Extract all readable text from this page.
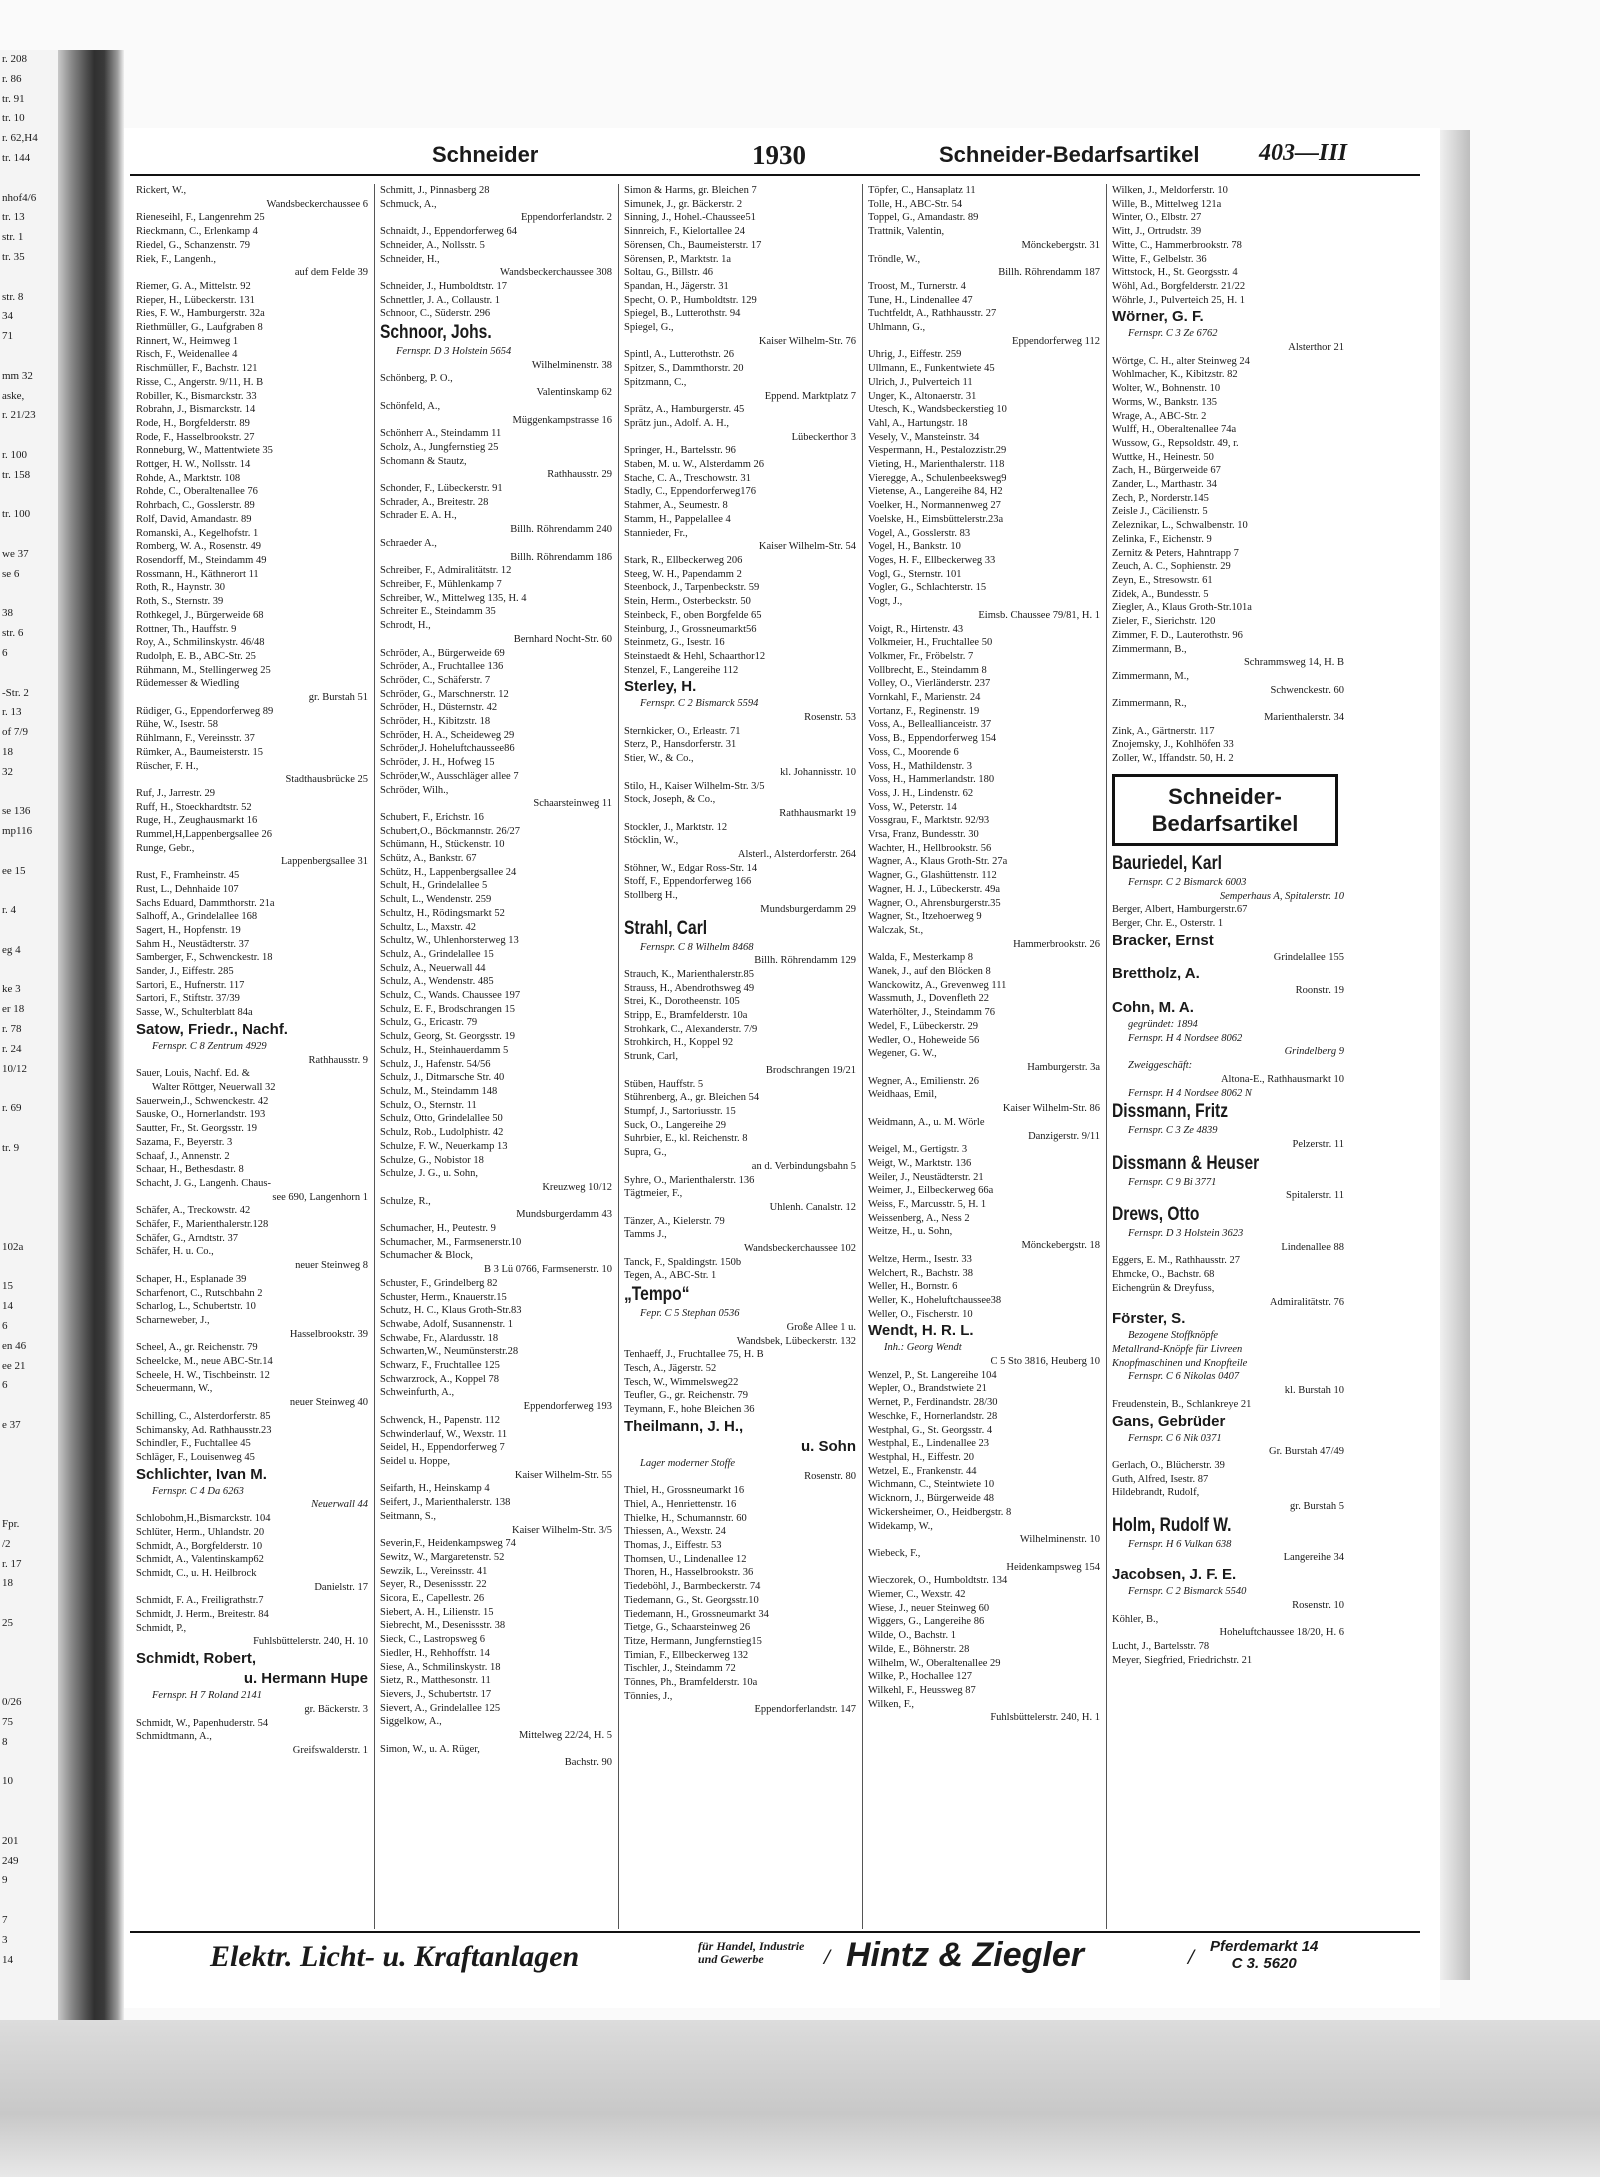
r. 208
r. 86
tr. 91
tr. 10
r. 62,H4
tr. 144

nhof4/6
tr. 13
str. 1
tr. 35

str. 8
34
71

mm 32
aske,
r. 21/23

r. 100
tr. 158

tr. 100

we 37
se 6

38
str. 6
6

-Str. 2
r. 13
of 7/9
18
32

se 136
mp116

ee 15

r. 4

eg 4

ke 3
er 18
r. 78
r. 24
10/12

r. 69

tr. 9

102a

15
14
6
en 46
ee 21
6

e 37

Fpr.
/2
r. 17
18

25

0/26
75
8

10

201
249
9

7
3
14
Schneider	1930	Schneider-Bedarfsartikel 403—III
Rickert, W.,
Wandsbeckerchaussee 6
Rieneseihl, F., Langenrehm 25
Rieckmann, C., Erlenkamp 4
Riedel, G., Schanzenstr. 79
Riek, F., Langenh.,
auf dem Felde 39
Riemer, G. A., Mittelstr. 92
Rieper, H., Lübeckerstr. 131
Ries, F. W., Hamburgerstr. 32a
Riethmüller, G., Laufgraben 8
Rinnert, W., Heimweg 1
Risch, F., Weidenallee 4
Rischmüller, F., Bachstr. 121
Risse, C., Angerstr. 9/11, H. B
Robiller, K., Bismarckstr. 33
Robrahn, J., Bismarckstr. 14
Rode, H., Borgfelderstr. 89
Rode, F., Hasselbrookstr. 27
Ronneburg, W., Mattentwiete 35
Rottger, H. W., Nollsstr. 14
Rohde, A., Marktstr. 108
Rohde, C., Oberaltenallee 76
Rohrbach, C., Gosslerstr. 89
Rolf, David, Amandastr. 89
Romanski, A., Kegelhofstr. 1
Romberg, W. A., Rosenstr. 49
Rosendorff, M., Steindamm 49
Rossmann, H., Käthnerort 11
Roth, R., Haynstr. 30
Roth, S., Sternstr. 39
Rothkegel, J., Bürgerweide 68
Rottner, Th., Hauffstr. 9
Roy, A., Schmilinskystr. 46/48
Rudolph, E. B., ABC-Str. 25
Rühmann, M., Stellingerweg 25
Rüdemesser & Wiedling
gr. Burstah 51
Rüdiger, G., Eppendorferweg 89
Rühe, W., Isestr. 58
Rühlmann, F., Vereinsstr. 37
Rümker, A., Baumeisterstr. 15
Rüscher, F. H.,
Stadthausbrücke 25
Ruf, J., Jarrestr. 29
Ruff, H., Stoeckhardtstr. 52
Ruge, H., Zeughausmarkt 16
Rummel,H,Lappenbergsallee 26
Runge, Gebr.,
Lappenbergsallee 31
Rust, F., Framheinstr. 45
Rust, L., Dehnhaide 107
Sachs Eduard, Dammthorstr. 21a
Salhoff, A., Grindelallee 168
Sagert, H., Hopfenstr. 19
Sahm H., Neustädterstr. 37
Samberger, F., Schwenckestr. 18
Sander, J., Eiffestr. 285
Sartori, E., Hufnerstr. 117
Sartori, F., Stiftstr. 37/39
Sasse, W., Schulterblatt 84a
Satow, Friedr., Nachf.
Fernspr. C 8 Zentrum 4929
Rathhausstr. 9
Sauer, Louis, Nachf. Ed. &
Walter Röttger, Neuerwall 32
Sauerwein,J., Schwenckestr. 42
Sauske, O., Hornerlandstr. 193
Sautter, Fr., St. Georgsstr. 19
Sazama, F., Beyerstr. 3
Schaaf, J., Annenstr. 2
Schaar, H., Bethesdastr. 8
Schacht, J. G., Langenh. Chaus-
see 690, Langenhorn 1
Schäfer, A., Treckowstr. 42
Schäfer, F., Marienthalerstr.128
Schäfer, G., Arndtstr. 37
Schäfer, H. u. Co.,
neuer Steinweg 8
Schaper, H., Esplanade 39
Scharfenort, C., Rutschbahn 2
Scharlog, L., Schubertstr. 10
Scharneweber, J.,
Hasselbrookstr. 39
Scheel, A., gr. Reichenstr. 79
Scheelcke, M., neue ABC-Str.14
Scheele, H. W., Tischbeinstr. 12
Scheuermann, W.,
neuer Steinweg 40
Schilling, C., Alsterdorferstr. 85
Schimansky, Ad. Rathhausstr.23
Schindler, F., Fuchtallee 45
Schläger, F., Louisenweg 45
Schlichter, Ivan M.
Fernspr. C 4 Da 6263
Neuerwall 44
Schlobohm,H.,Bismarckstr. 104
Schlüter, Herm., Uhlandstr. 20
Schmidt, A., Borgfelderstr. 10
Schmidt, A., Valentinskamp62
Schmidt, C., u. H. Heilbrock
Danielstr. 17
Schmidt, F. A., Freiligrathstr.7
Schmidt, J. Herm., Breitestr. 84
Schmidt, P.,
Fuhlsbüttelerstr. 240, H. 10
Schmidt, Robert,
u. Hermann Hupe
Fernspr. H 7 Roland 2141
gr. Bäckerstr. 3
Schmidt, W., Papenhuderstr. 54
Schmidtmann, A.,
Greifswalderstr. 1
Schmitt, J., Pinnasberg 28
Schmuck, A.,
Eppendorferlandstr. 2
Schnaidt, J., Eppendorferweg 64
Schneider, A., Nollsstr. 5
Schneider, H.,
Wandsbeckerchaussee 308
Schneider, J., Humboldtstr. 17
Schnettler, J. A., Collaustr. 1
Schnoor, C., Süderstr. 296
Schnoor, Johs.
Fernspr. D 3 Holstein 5654
Wilhelminenstr. 38
Schönberg, P. O.,
Valentinskamp 62
Schönfeld, A.,
Müggenkampstrasse 16
Schönherr A., Steindamm 11
Scholz, A., Jungfernstieg 25
Schomann & Stautz,
Rathhausstr. 29
Schonder, F., Lübeckerstr. 91
Schrader, A., Breitestr. 28
Schrader E. A. H.,
Billh. Röhrendamm 240
Schraeder A.,
Billh. Röhrendamm 186
Schreiber, F., Admiralitätstr. 12
Schreiber, F., Mühlenkamp 7
Schreiber, W., Mittelweg 135, H. 4
Schreiter E., Steindamm 35
Schrodt, H.,
Bernhard Nocht-Str. 60
Schröder, A., Bürgerweide 69
Schröder, A., Fruchtallee 136
Schröder, C., Schäferstr. 7
Schröder, G., Marschnerstr. 12
Schröder, H., Düsternstr. 42
Schröder, H., Kibitzstr. 18
Schröder, H. A., Scheideweg 29
Schröder,J. Hoheluftchaussee86
Schröder, J. H., Hofweg 15
Schröder,W., Ausschläger allee 7
Schröder, Wilh.,
Schaarsteinweg 11
Schubert, F., Erichstr. 16
Schubert,O., Böckmannstr. 26/27
Schümann, H., Stückenstr. 10
Schütz, A., Bankstr. 67
Schütz, H., Lappenbergsallee 24
Schult, H., Grindelallee 5
Schult, L., Wendenstr. 259
Schultz, H., Rödingsmarkt 52
Schultz, L., Maxstr. 42
Schultz, W., Uhlenhorsterweg 13
Schulz, A., Grindelallee 15
Schulz, A., Neuerwall 44
Schulz, A., Wendenstr. 485
Schulz, C., Wands. Chaussee 197
Schulz, E. F., Brodschrangen 15
Schulz, G., Ericastr. 79
Schulz, Georg, St. Georgsstr. 19
Schulz, H., Steinhauerdamm 5
Schulz, J., Hafenstr. 54/56
Schulz, J., Ditmarsche Str. 40
Schulz, M., Steindamm 148
Schulz, O., Sternstr. 11
Schulz, Otto, Grindelallee 50
Schulz, Rob., Ludolphistr. 42
Schulze, F. W., Neuerkamp 13
Schulze, G., Nobistor 18
Schulze, J. G., u. Sohn,
Kreuzweg 10/12
Schulze, R.,
Mundsburgerdamm 43
Schumacher, H., Peutestr. 9
Schumacher, M., Farmsenerstr.10
Schumacher & Block,
B 3 Lü 0766, Farmsenerstr. 10
Schuster, F., Grindelberg 82
Schuster, Herm., Knauerstr.15
Schutz, H. C., Klaus Groth-Str.83
Schwabe, Adolf, Susannenstr. 1
Schwabe, Fr., Alardusstr. 18
Schwarten,W., Neumünsterstr.28
Schwarz, F., Fruchtallee 125
Schwarzrock, A., Koppel 78
Schweinfurth, A.,
Eppendorferweg 193
Schwenck, H., Papenstr. 112
Schwinderlauf, W., Wexstr. 11
Seidel, H., Eppendorferweg 7
Seidel u. Hoppe,
Kaiser Wilhelm-Str. 55
Seifarth, H., Heinskamp 4
Seifert, J., Marienthalerstr. 138
Seitmann, S.,
Kaiser Wilhelm-Str. 3/5
Severin,F., Heidenkampsweg 74
Sewitz, W., Margaretenstr. 52
Sewzik, L., Vereinsstr. 41
Seyer, R., Desenissstr. 22
Sicora, E., Capellestr. 26
Siebert, A. H., Lilienstr. 15
Siebrecht, M., Desenissstr. 38
Sieck, C., Lastropsweg 6
Siedler, H., Rehhoffstr. 14
Siese, A., Schmilinskystr. 18
Sietz, R., Matthesonstr. 11
Sievers, J., Schubertstr. 17
Sievert, A., Grindelallee 125
Siggelkow, A.,
Mittelweg 22/24, H. 5
Simon, W., u. A. Rüger,
Bachstr. 90
Simon & Harms, gr. Bleichen 7
Simunek, J., gr. Bäckerstr. 2
Sinning, J., Hohel.-Chaussee51
Sinnreich, F., Kielortallee 24
Sörensen, Ch., Baumeisterstr. 17
Sörensen, P., Marktstr. 1a
Soltau, G., Billstr. 46
Spandan, H., Jägerstr. 31
Specht, O. P., Humboldtstr. 129
Spiegel, B., Lutterothstr. 94
Spiegel, G.,
Kaiser Wilhelm-Str. 76
Spintl, A., Lutterothstr. 26
Spitzer, S., Dammthorstr. 20
Spitzmann, C.,
Eppend. Marktplatz 7
Sprätz, A., Hamburgerstr. 45
Sprätz jun., Adolf. A. H.,
Lübeckerthor 3
Springer, H., Bartelsstr. 96
Staben, M. u. W., Alsterdamm 26
Stache, C. A., Treschowstr. 31
Stadly, C., Eppendorferweg176
Stahmer, A., Seumestr. 8
Stamm, H., Pappelallee 4
Stannieder, Fr.,
Kaiser Wilhelm-Str. 54
Stark, R., Ellbeckerweg 206
Steeg, W. H., Papendamm 2
Steenbock, J., Tarpenbeckstr. 59
Stein, Herm., Osterbeckstr. 50
Steinbeck, F., oben Borgfelde 65
Steinburg, J., Grossneumarkt56
Steinmetz, G., Isestr. 16
Steinstaedt & Hehl, Schaarthor12
Stenzel, F., Langereihe 112
Sterley, H.
Fernspr. C 2 Bismarck 5594
Rosenstr. 53
Sternkicker, O., Erleastr. 71
Sterz, P., Hansdorferstr. 31
Stier, W., & Co.,
kl. Johannisstr. 10
Stilo, H., Kaiser Wilhelm-Str. 3/5
Stock, Joseph, & Co.,
Rathhausmarkt 19
Stockler, J., Marktstr. 12
Stöcklin, W.,
Alsterl., Alsterdorferstr. 264
Stöhner, W., Edgar Ross-Str. 14
Stoff, F., Eppendorferweg 166
Stollberg H.,
Mundsburgerdamm 29
Strahl, Carl
Fernspr. C 8 Wilhelm 8468
Billh. Röhrendamm 129
Strauch, K., Marienthalerstr.85
Strauss, H., Abendrothsweg 49
Strei, K., Dorotheenstr. 105
Stripp, E., Bramfelderstr. 10a
Strohkark, C., Alexanderstr. 7/9
Strohkirch, H., Koppel 92
Strunk, Carl,
Brodschrangen 19/21
Stüben, Hauffstr. 5
Stührenberg, A., gr. Bleichen 54
Stumpf, J., Sartoriusstr. 15
Suck, O., Langereihe 29
Suhrbier, E., kl. Reichenstr. 8
Supra, G.,
an d. Verbindungsbahn 5
Syhre, O., Marienthalerstr. 136
Tägtmeier, F.,
Uhlenh. Canalstr. 12
Tänzer, A., Kielerstr. 79
Tamms J.,
Wandsbeckerchaussee 102
Tanck, F., Spaldingstr. 150b
Tegen, A., ABC-Str. 1
„Tempo“
Fepr. C 5 Stephan 0536
Große Allee 1 u.
Wandsbek, Lübeckerstr. 132
Tenhaeff, J., Fruchtallee 75, H. B
Tesch, A., Jägerstr. 52
Tesch, W., Wimmelsweg22
Teufler, G., gr. Reichenstr. 79
Teymann, F., hohe Bleichen 36
Theilmann, J. H.,
u. Sohn
Lager moderner Stoffe
Rosenstr. 80
Thiel, H., Grossneumarkt 16
Thiel, A., Henriettenstr. 16
Thielke, H., Schumannstr. 60
Thiessen, A., Wexstr. 24
Thomas, J., Eiffestr. 53
Thomsen, U., Lindenallee 12
Thoren, H., Hasselbrookstr. 36
Tiedeböhl, J., Barmbeckerstr. 74
Tiedemann, G., St. Georgsstr.10
Tiedemann, H., Grossneumarkt 34
Tietge, G., Schaarsteinweg 26
Titze, Hermann, Jungfernstieg15
Timian, F., Ellbeckerweg 132
Tischler, J., Steindamm 72
Tönnes, Ph., Bramfelderstr. 10a
Tönnies, J.,
Eppendorferlandstr. 147
Töpfer, C., Hansaplatz 11
Tolle, H., ABC-Str. 54
Toppel, G., Amandastr. 89
Trattnik, Valentin,
Mönckebergstr. 31
Tröndle, W.,
Billh. Röhrendamm 187
Troost, M., Turnerstr. 4
Tune, H., Lindenallee 47
Tuchtfeldt, A., Rathhausstr. 27
Uhlmann, G.,
Eppendorferweg 112
Uhrig, J., Eiffestr. 259
Ullmann, E., Funkentwiete 45
Ulrich, J., Pulverteich 11
Unger, K., Altonaerstr. 31
Utesch, K., Wandsbeckerstieg 10
Vahl, A., Hartungstr. 18
Vesely, V., Mansteinstr. 34
Vespermann, H., Pestalozzistr.29
Vieting, H., Marienthalerstr. 118
Vieregge, A., Schulenbeeksweg9
Vietense, A., Langereihe 84, H2
Voelker, H., Normannenweg 27
Voelske, H., Eimsbüttelerstr.23a
Vogel, A., Gosslerstr. 83
Vogel, H., Bankstr. 10
Voges, H. F., Ellbeckerweg 33
Vogl, G., Sternstr. 101
Vogler, G., Schlachterstr. 15
Vogt, J.,
Eimsb. Chaussee 79/81, H. 1
Voigt, R., Hirtenstr. 43
Volkmeier, H., Fruchtallee 50
Volkmer, Fr., Fröbelstr. 7
Vollbrecht, E., Steindamm 8
Volley, O., Vierländerstr. 237
Vornkahl, F., Marienstr. 24
Vortanz, F., Reginenstr. 19
Voss, A., Belleallianceistr. 37
Voss, B., Eppendorferweg 154
Voss, C., Moorende 6
Voss, H., Mathildenstr. 3
Voss, H., Hammerlandstr. 180
Voss, J. H., Lindenstr. 62
Voss, W., Peterstr. 14
Vossgrau, F., Marktstr. 92/93
Vrsa, Franz, Bundesstr. 30
Wachter, H., Hellbrookstr. 56
Wagner, A., Klaus Groth-Str. 27a
Wagner, G., Glashüttenstr. 112
Wagner, H. J., Lübeckerstr. 49a
Wagner, O., Ahrensburgerstr.35
Wagner, St., Itzehoerweg 9
Walczak, St.,
Hammerbrookstr. 26
Walda, F., Mesterkamp 8
Wanek, J., auf den Blöcken 8
Wanckowitz, A., Grevenweg 111
Wassmuth, J., Dovenfleth 22
Waterhölter, J., Steindamm 76
Wedel, F., Lübeckerstr. 29
Wedler, O., Hoheweide 56
Wegener, G. W.,
Hamburgerstr. 3a
Wegner, A., Emilienstr. 26
Weidhaas, Emil,
Kaiser Wilhelm-Str. 86
Weidmann, A., u. M. Wörle
Danzigerstr. 9/11
Weigel, M., Gertigstr. 3
Weigt, W., Marktstr. 136
Weiler, J., Neustädterstr. 21
Weimer, J., Eilbeckerweg 66a
Weiss, F., Marcusstr. 5, H. 1
Weissenberg, A., Ness 2
Weitze, H., u. Sohn,
Mönckebergstr. 18
Weltze, Herm., Isestr. 33
Welchert, R., Bachstr. 38
Weller, H., Bornstr. 6
Weller, K., Hoheluftchaussee38
Weller, O., Fischerstr. 10
Wendt, H. R. L.
Inh.: Georg Wendt
C 5 Sto 3816, Heuberg 10
Wenzel, P., St. Langereihe 104
Wepler, O., Brandstwiete 21
Wernet, P., Ferdinandstr. 28/30
Weschke, F., Hornerlandstr. 28
Westphal, G., St. Georgsstr. 4
Westphal, E., Lindenallee 23
Westphal, H., Eiffestr. 20
Wetzel, E., Frankenstr. 44
Wichmann, C., Steintwiete 10
Wicknorn, J., Bürgerweide 48
Wickersheimer, O., Heidbergstr. 8
Widekamp, W.,
Wilhelminenstr. 10
Wiebeck, F.,
Heidenkampsweg 154
Wieczorek, O., Humboldtstr. 134
Wiemer, C., Wexstr. 42
Wiese, J., neuer Steinweg 60
Wiggers, G., Langereihe 86
Wilde, O., Bachstr. 1
Wilde, E., Böhnerstr. 28
Wilhelm, W., Oberaltenallee 29
Wilke, P., Hochallee 127
Wilkehl, F., Heussweg 87
Wilken, F.,
Fuhlsbüttelerstr. 240, H. 1
Wilken, J., Meldorferstr. 10
Wille, B., Mittelweg 121a
Winter, O., Elbstr. 27
Witt, J., Ortrudstr. 39
Witte, C., Hammerbrookstr. 78
Witte, F., Gelbelstr. 36
Wittstock, H., St. Georgsstr. 4
Wöhl, Ad., Borgfelderstr. 21/22
Wöhrle, J., Pulverteich 25, H. 1
Wörner, G. F.
Fernspr. C 3 Ze 6762
Alsterthor 21
Wörtge, C. H., alter Steinweg 24
Wohlmacher, K., Kibitzstr. 82
Wolter, W., Bohnenstr. 10
Worms, W., Bankstr. 135
Wrage, A., ABC-Str. 2
Wulff, H., Oberaltenallee 74a
Wussow, G., Repsoldstr. 49, r.
Wuttke, H., Heinestr. 50
Zach, H., Bürgerweide 67
Zander, L., Marthastr. 34
Zech, P., Norderstr.145
Zeisle J., Cäcilienstr. 5
Zeleznikar, L., Schwalbenstr. 10
Zelinka, F., Eichenstr. 9
Zernitz & Peters, Hahntrapp 7
Zeuch, A. C., Sophienstr. 29
Zeyn, E., Stresowstr. 61
Zidek, A., Bundesstr. 5
Ziegler, A., Klaus Groth-Str.101a
Zieler, F., Sierichstr. 120
Zimmer, F. D., Lauterothstr. 96
Zimmermann, B.,
Schrammsweg 14, H. B
Zimmermann, M.,
Schwenckestr. 60
Zimmermann, R.,
Marienthalerstr. 34
Zink, A., Gärtnerstr. 117
Znojemsky, J., Kohlhöfen 33
Zoller, W., Iffandstr. 50, H. 2
Schneider-
Bedarfsartikel
Bauriedel, Karl
Fernspr. C 2 Bismarck 6003
Semperhaus A, Spitalerstr. 10
Berger, Albert, Hamburgerstr.67
Berger, Chr. E., Osterstr. 1
Bracker, Ernst
Grindelallee 155
Brettholz, A.
Roonstr. 19
Cohn, M. A.
gegründet: 1894
Fernspr. H 4 Nordsee 8062
Grindelberg 9
Zweiggeschäft:
Altona-E., Rathhausmarkt 10
Fernspr. H 4 Nordsee 8062 N
Dissmann, Fritz
Fernspr. C 3 Ze 4839
Pelzerstr. 11
Dissmann & Heuser
Fernspr. C 9 Bi 3771
Spitalerstr. 11
Drews, Otto
Fernspr. D 3 Holstein 3623
Lindenallee 88
Eggers, E. M., Rathhausstr. 27
Ehmcke, O., Bachstr. 68
Eichengrün & Dreyfuss,
Admiralitätstr. 76
Förster, S.
Bezogene Stoffknöpfe
Metallrand-Knöpfe für Livreen
Knopfmaschinen und Knopfteile
Fernspr. C 6 Nikolas 0407
kl. Burstah 10
Freudenstein, B., Schlankreye 21
Gans, Gebrüder
Fernspr. C 6 Nik 0371
Gr. Burstah 47/49
Gerlach, O., Blücherstr. 39
Guth, Alfred, Isestr. 87
Hildebrandt, Rudolf,
gr. Burstah 5
Holm, Rudolf W.
Fernspr. H 6 Vulkan 638
Langereihe 34
Jacobsen, J. F. E.
Fernspr. C 2 Bismarck 5540
Rosenstr. 10
Köhler, B.,
Hoheluftchaussee 18/20, H. 6
Lucht, J., Bartelsstr. 78
Meyer, Siegfried, Friedrichstr. 21
Elektr. Licht- u. Kraftanlagen	für Handel, Industrie
und Gewerbe	/ Hintz & Ziegler	/ Pferdemarkt 14
C 3. 5620
